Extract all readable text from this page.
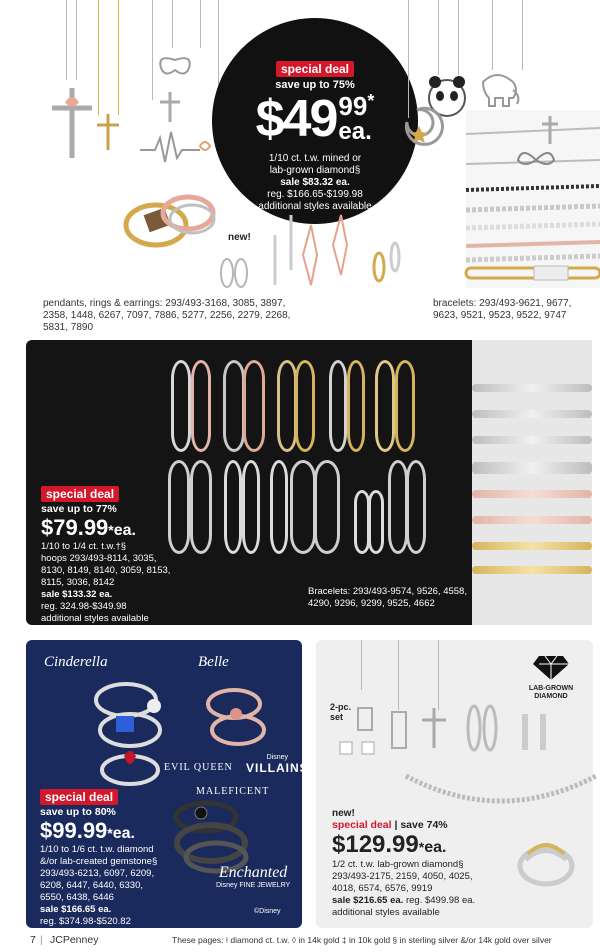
special deal
save up to 75%
$49 99 *
ea.
1/10 ct. t.w. mined or
lab-grown diamond§
sale $83.32 ea.
reg. $166.65-$199.98
additional styles available
new!
pendants, rings & earrings: 293/493-3168, 3085, 3897, 2358, 1448, 6267, 7097, 7886, 5277, 2256, 2279, 2268, 5831, 7890
bracelets: 293/493-9621, 9677, 9623, 9521, 9523, 9522, 9747
special deal
save up to 77%
$79.99 * ea.
1/10 to 1/4 ct. t.w.†§
hoops 293/493-8114, 3035, 8130, 8149, 8140, 3059, 8153, 8115, 3036, 8142
sale $133.32 ea.
reg. 324.98-$349.98
additional styles available
Bracelets: 293/493-9574, 9526, 4558, 4290, 9296, 9299, 9525, 4662
Cinderella	Belle
EVIL QUEEN
Disney
VILLAINS
MALEFICENT
special deal
save up to 80%
$99.99 * ea.
1/10 to 1/6 ct. t.w. diamond
&/or lab-created gemstone§
293/493-6213, 6097, 6209, 6208, 6447, 6440, 6330, 6550, 6438, 6446
sale $166.65 ea.
reg. $374.98-$520.82
Enchanted
Disney FINE JEWELRY
©Disney
LAB-GROWN DIAMOND
2-pc. set
new!
special deal | save 74%
$129.99 * ea.
1/2 ct. t.w. lab-grown diamond§
293/493-2175, 2159, 4050, 4025, 4018, 6574, 6576, 9919
sale $216.65 ea. reg. $499.98 ea.
additional styles available
7 | JCPenney	These pages: ⍿ diamond ct. t.w. ◊ in 14k gold ‡ in 10k gold § in sterling silver &/or 14k gold over silver
